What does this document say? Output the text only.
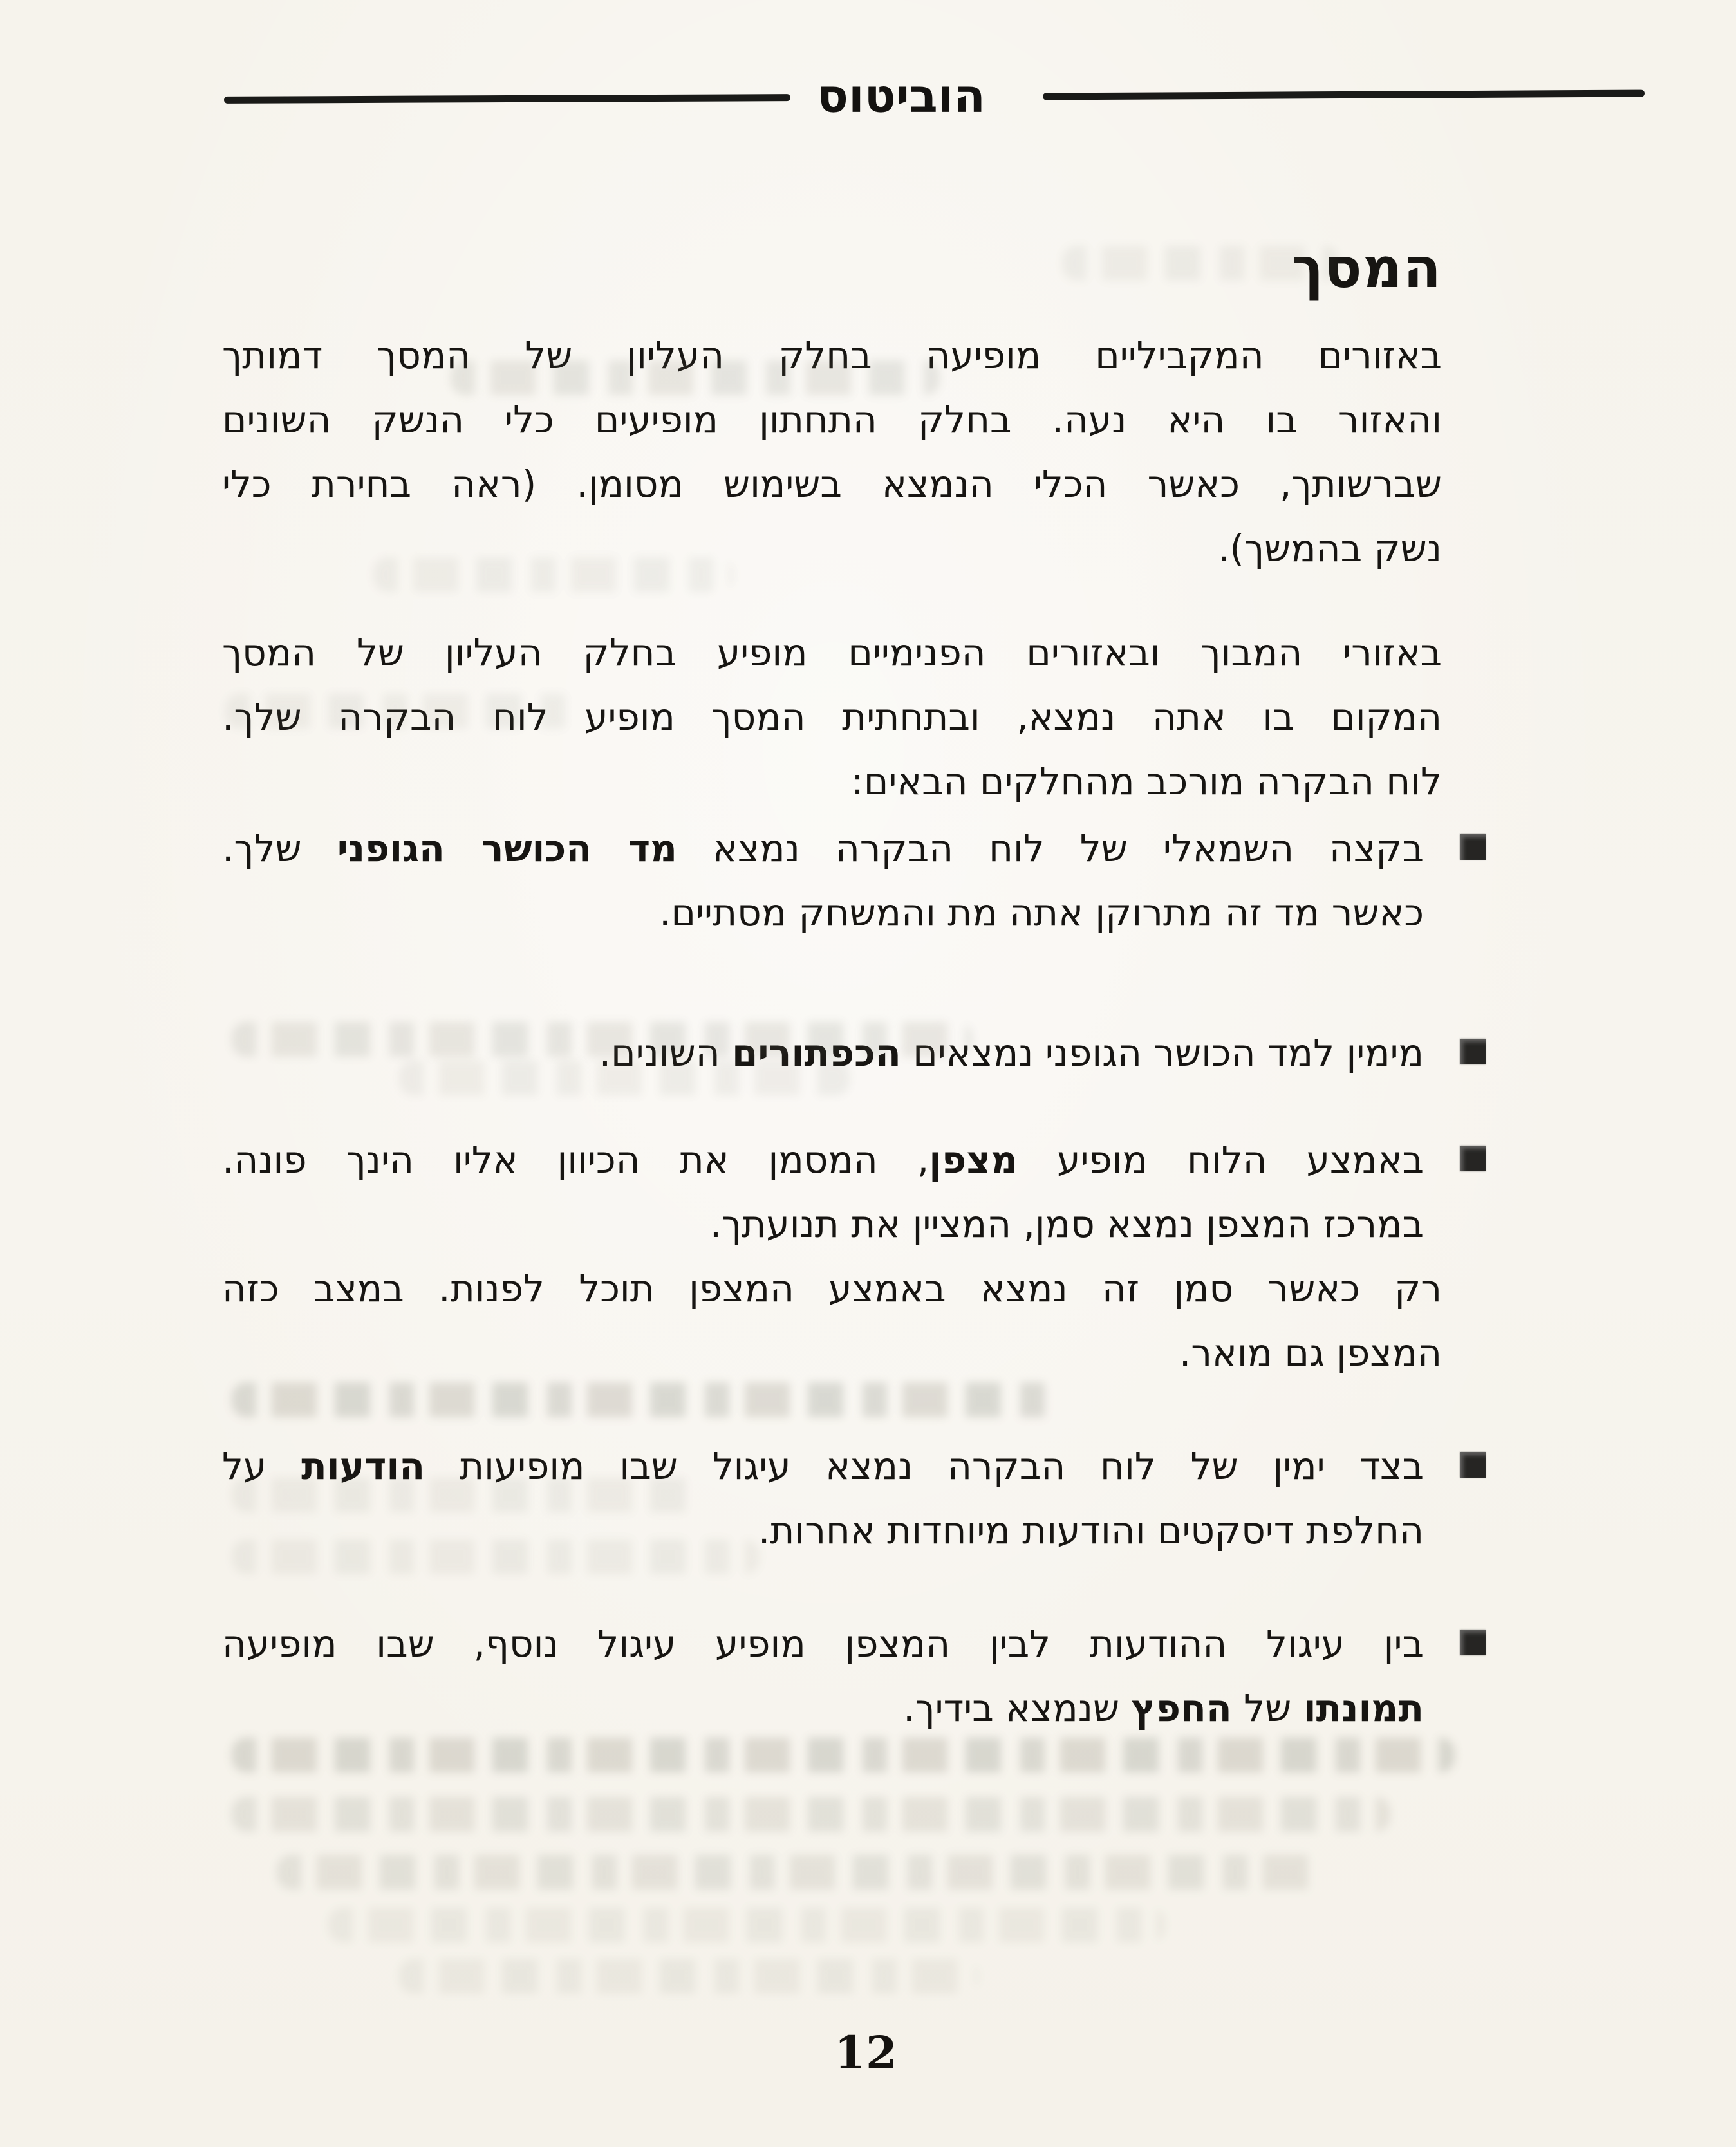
הוביטוס
המסך
באזורים המקביליים מופיעה בחלק העליון של המסך דמותך
והאזור בו היא נעה. בחלק התחתון מופיעים כלי הנשק השונים
שברשותך, כאשר הכלי הנמצא בשימוש מסומן. (ראה בחירת כלי
נשק בהמשך).
באזורי המבוך ובאזורים הפנימיים מופיע בחלק העליון של המסך
המקום בו אתה נמצא, ובתחתית המסך מופיע לוח הבקרה שלך.
לוח הבקרה מורכב מהחלקים הבאים:
בקצה השמאלי של לוח הבקרה נמצא מד הכושר הגופני שלך.
כאשר מד זה מתרוקן אתה מת והמשחק מסתיים.
מימין למד הכושר הגופני נמצאים הכפתורים השונים.
באמצע הלוח מופיע מצפן, המסמן את הכיוון אליו הינך פונה.
במרכז המצפן נמצא סמן, המציין את תנועתך.
רק כאשר סמן זה נמצא באמצע המצפן תוכל לפנות. במצב כזה
המצפן גם מואר.
בצד ימין של לוח הבקרה נמצא עיגול שבו מופיעות הודעות על
החלפת דיסקטים והודעות מיוחדות אחרות.
בין עיגול ההודעות לבין המצפן מופיע עיגול נוסף, שבו מופיעה
תמונתו של החפץ שנמצא בידיך.
12
